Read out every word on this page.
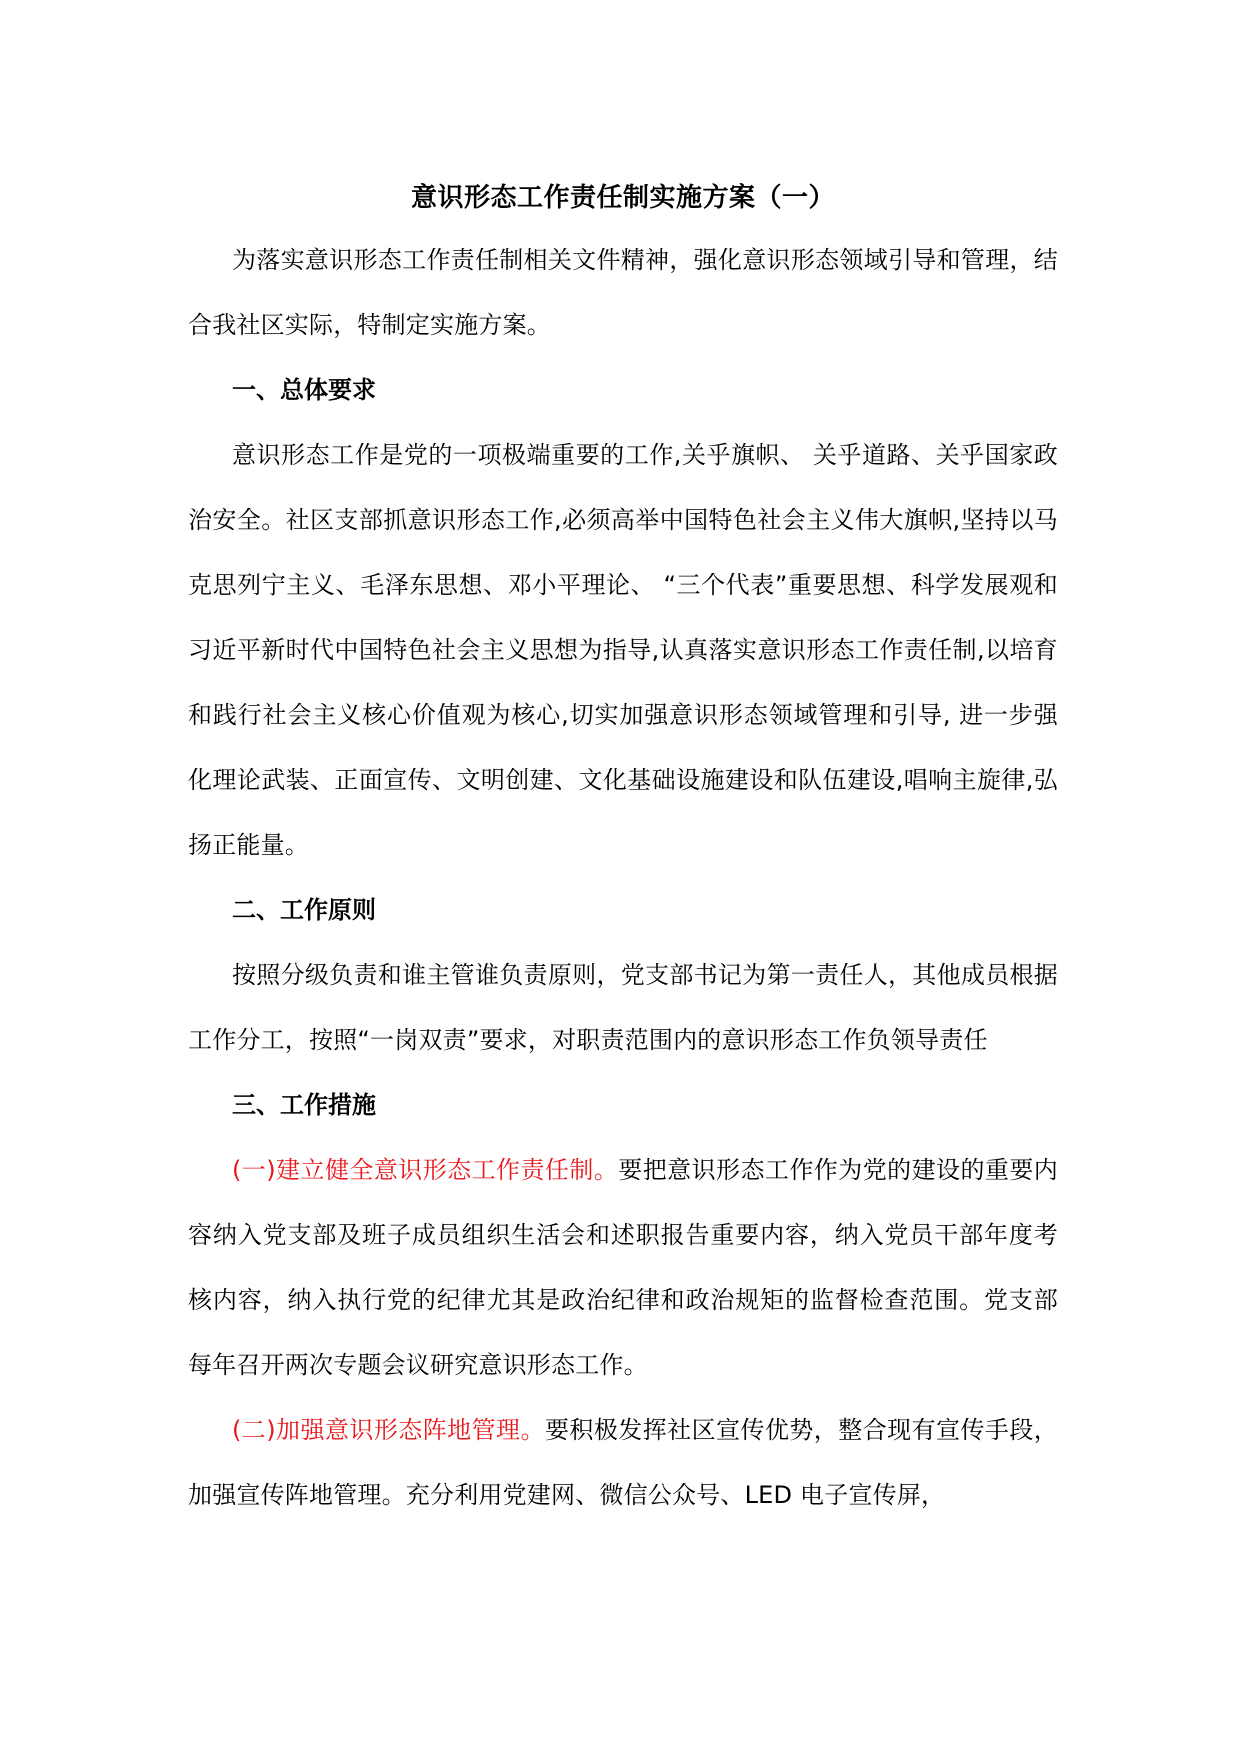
意识形态工作责任制实施方案（一）

为落实意识形态工作责任制相关文件精神，强化意识形态领域引导和管理，结合我社区实际，特制定实施方案。

一、总体要求

意识形态工作是党的一项极端重要的工作,关乎旗帜、 关乎道路、关乎国家政治安全。社区支部抓意识形态工作,必须高举中国特色社会主义伟大旗帜,坚持以马克思列宁主义、毛泽东思想、邓小平理论、 “三个代表”重要思想、科学发展观和习近平新时代中国特色社会主义思想为指导,认真落实意识形态工作责任制,以培育和践行社会主义核心价值观为核心,切实加强意识形态领域管理和引导, 进一步强化理论武装、正面宣传、文明创建、文化基础设施建设和队伍建设,唱响主旋律,弘扬正能量。

二、工作原则

按照分级负责和谁主管谁负责原则，党支部书记为第一责任人，其他成员根据工作分工，按照“一岗双责”要求，对职责范围内的意识形态工作负领导责任

三、工作措施

(一)建立健全意识形态工作责任制。要把意识形态工作作为党的建设的重要内容纳入党支部及班子成员组织生活会和述职报告重要内容，纳入党员干部年度考核内容，纳入执行党的纪律尤其是政治纪律和政治规矩的监督检查范围。党支部每年召开两次专题会议研究意识形态工作。

(二)加强意识形态阵地管理。要积极发挥社区宣传优势，整合现有宣传手段，加强宣传阵地管理。充分利用党建网、微信公众号、LED 电子宣传屏，
